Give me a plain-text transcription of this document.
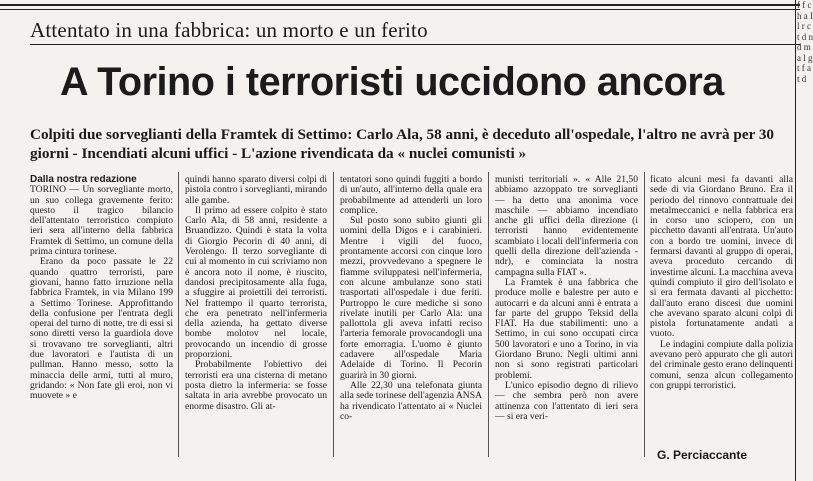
Attentato in una fabbrica: un morto e un ferito
A Torino i terroristi uccidono ancora
Colpiti due sorveglianti della Framtek di Settimo: Carlo Ala, 58 anni, è deceduto all'ospedale, l'altro ne avrà per 30 giorni - Incendiati alcuni uffici - L'azione rivendicata da « nuclei comunisti »

Dalla nostra redazione

TORINO — Un sorvegliante morto, un suo collega gravemente ferito: questo il tragico bilancio dell'attentato terroristico compiuto ieri sera all'interno della fabbrica Framtek di Settimo, un comune della prima cintura torinese.

Erano da poco passate le 22 quando quattro terroristi, pare giovani, hanno fatto irruzione nella fabbrica Framtek, in via Milano 199 a Settimo Torinese. Approfittando della confusione per l'entrata degli operai del turno di notte, tre di essi si sono diretti verso la guardiola dove si trovavano tre sorveglianti, altri due lavoratori e l'autista di un pullman. Hanno messo, sotto la minaccia delle armi, tutti al muro, gridando: « Non fate gli eroi, non vi muovete » e

quindi hanno sparato diversi colpi di pistola contro i sorveglianti, mirando alle gambe.

Il primo ad essere colpito è stato Carlo Ala, di 58 anni, residente a Bruandizzo. Quindi è stata la volta di Giorgio Pecorin di 40 anni, di Verolengo. Il terzo sorvegliante di cui al momento in cui scriviamo non è ancora noto il nome, è riuscito, dandosi precipitosamente alla fuga, a sfuggire ai proiettili dei terroristi. Nel frattempo il quarto terrorista, che era penetrato nell'infermeria della azienda, ha gettato diverse bombe molotov nel locale, provocando un incendio di grosse proporzioni.

Probabilmente l'obiettivo dei terroristi era una cisterna di metano posta dietro la infermeria: se fosse saltata in aria avrebbe provocato un enorme disastro. Gli at-

tentatori sono quindi fuggiti a bordo di un'auto, all'interno della quale era probabilmente ad attenderli un loro complice.

Sul posto sono subito giunti gli uomini della Digos e i carabinieri. Mentre i vigili del fuoco, prontamente accorsi con cinque loro mezzi, provvedevano a spegnere le fiamme sviluppatesi nell'infermeria, con alcune ambulanze sono stati trasportati all'ospedale i due feriti. Purtroppo le cure mediche si sono rivelate inutili per Carlo Ala: una pallottola gli aveva infatti reciso l'arteria femorale provocandogli una forte emorragia. L'uomo è giunto cadavere all'ospedale Maria Adelaide di Torino. Il Pecorin guarirà in 30 giorni.

Alle 22,30 una telefonata giunta alla sede torinese dell'agenzia ANSA ha rivendicato l'attentato ai « Nuclei co-

munisti territoriali ». « Alle 21,50 abbiamo azzoppato tre sorveglianti — ha detto una anonima voce maschile — abbiamo incendiato anche gli uffici della direzione (i terroristi hanno evidentemente scambiato i locali dell'infermeria con quelli della direzione dell'azienda - ndr), e cominciata la nostra campagna sulla FIAT ».

La Framtek è una fabbrica che produce molle e balestre per auto e autocarri e da alcuni anni è entrata a far parte del gruppo Teksid della FIAT. Ha due stabilimenti: uno a Settimo, in cui sono occupati circa 500 lavoratori e uno a Torino, in via Giordano Bruno. Negli ultimi anni non si sono registrati particolari problemi.

L'unico episodio degno di rilievo — che sembra però non avere attinenza con l'attentato di ieri sera — si era veri-

ficato alcuni mesi fa davanti alla sede di via Giordano Bruno. Era il periodo del rinnovo contrattuale dei metalmeccanici e nella fabbrica era in corso uno sciopero, con un picchetto davanti all'entrata. Un'auto con a bordo tre uomini, invece di fermarsi davanti al gruppo di operai, aveva proceduto cercando di investirne alcuni. La macchina aveva quindi compiuto il giro dell'isolato e si era fermata davanti al picchetto: dall'auto erano discesi due uomini che avevano sparato alcuni colpi di pistola fortunatamente andati a vuoto.

Le indagini compiute dalla polizia avevano però appurato che gli autori del criminale gesto erano delinquenti comuni, senza alcun collegamento con gruppi terroristici.

G. Perciaccante
f f c h a I l r c t d n d m a l g t f a t d
